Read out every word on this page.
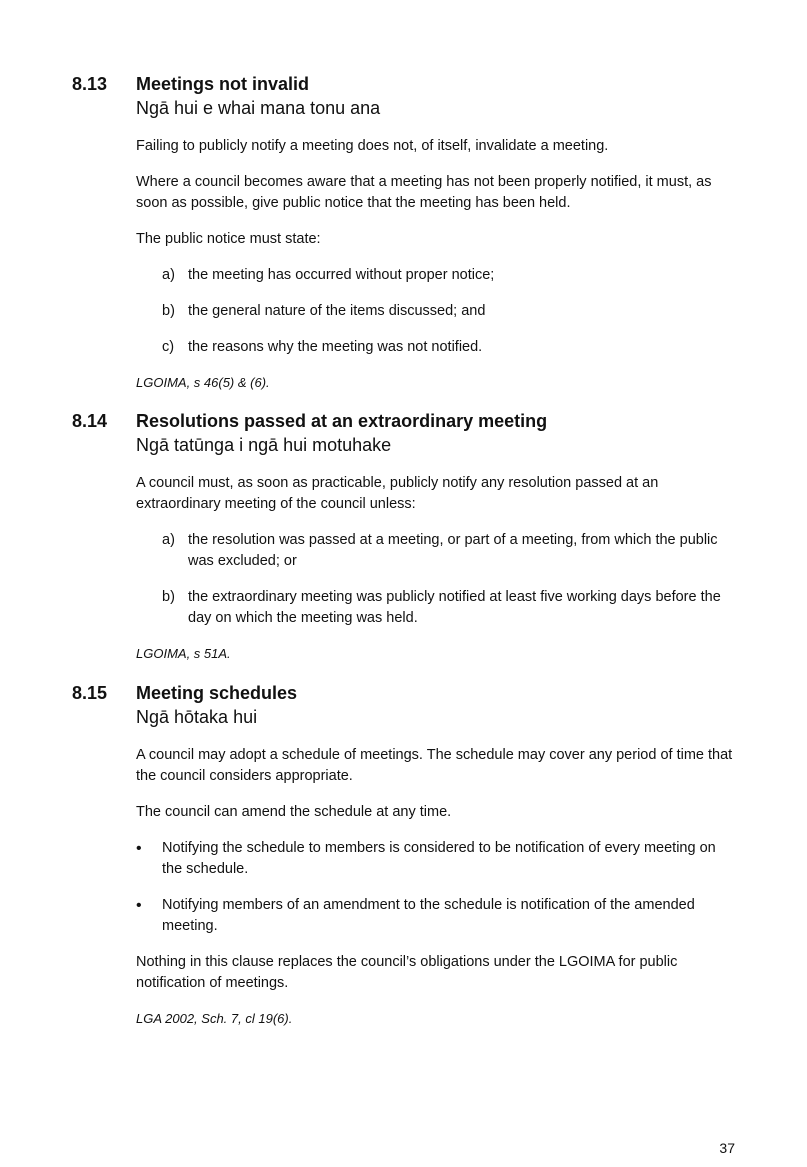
8.13 Meetings not invalid
Ngā hui e whai mana tonu ana

Failing to publicly notify a meeting does not, of itself, invalidate a meeting.

Where a council becomes aware that a meeting has not been properly notified, it must, as soon as possible, give public notice that the meeting has been held.

The public notice must state:

a) the meeting has occurred without proper notice;
b) the general nature of the items discussed; and
c) the reasons why the meeting was not notified.

LGOIMA, s 46(5) & (6).

8.14 Resolutions passed at an extraordinary meeting
Ngā tatūnga i ngā hui motuhake

A council must, as soon as practicable, publicly notify any resolution passed at an extraordinary meeting of the council unless:

a) the resolution was passed at a meeting, or part of a meeting, from which the public was excluded; or
b) the extraordinary meeting was publicly notified at least five working days before the day on which the meeting was held.

LGOIMA, s 51A.

8.15 Meeting schedules
Ngā hōtaka hui

A council may adopt a schedule of meetings. The schedule may cover any period of time that the council considers appropriate.

The council can amend the schedule at any time.

• Notifying the schedule to members is considered to be notification of every meeting on the schedule.
• Notifying members of an amendment to the schedule is notification of the amended meeting.

Nothing in this clause replaces the council’s obligations under the LGOIMA for public notification of meetings.

LGA 2002, Sch. 7, cl 19(6).

37
